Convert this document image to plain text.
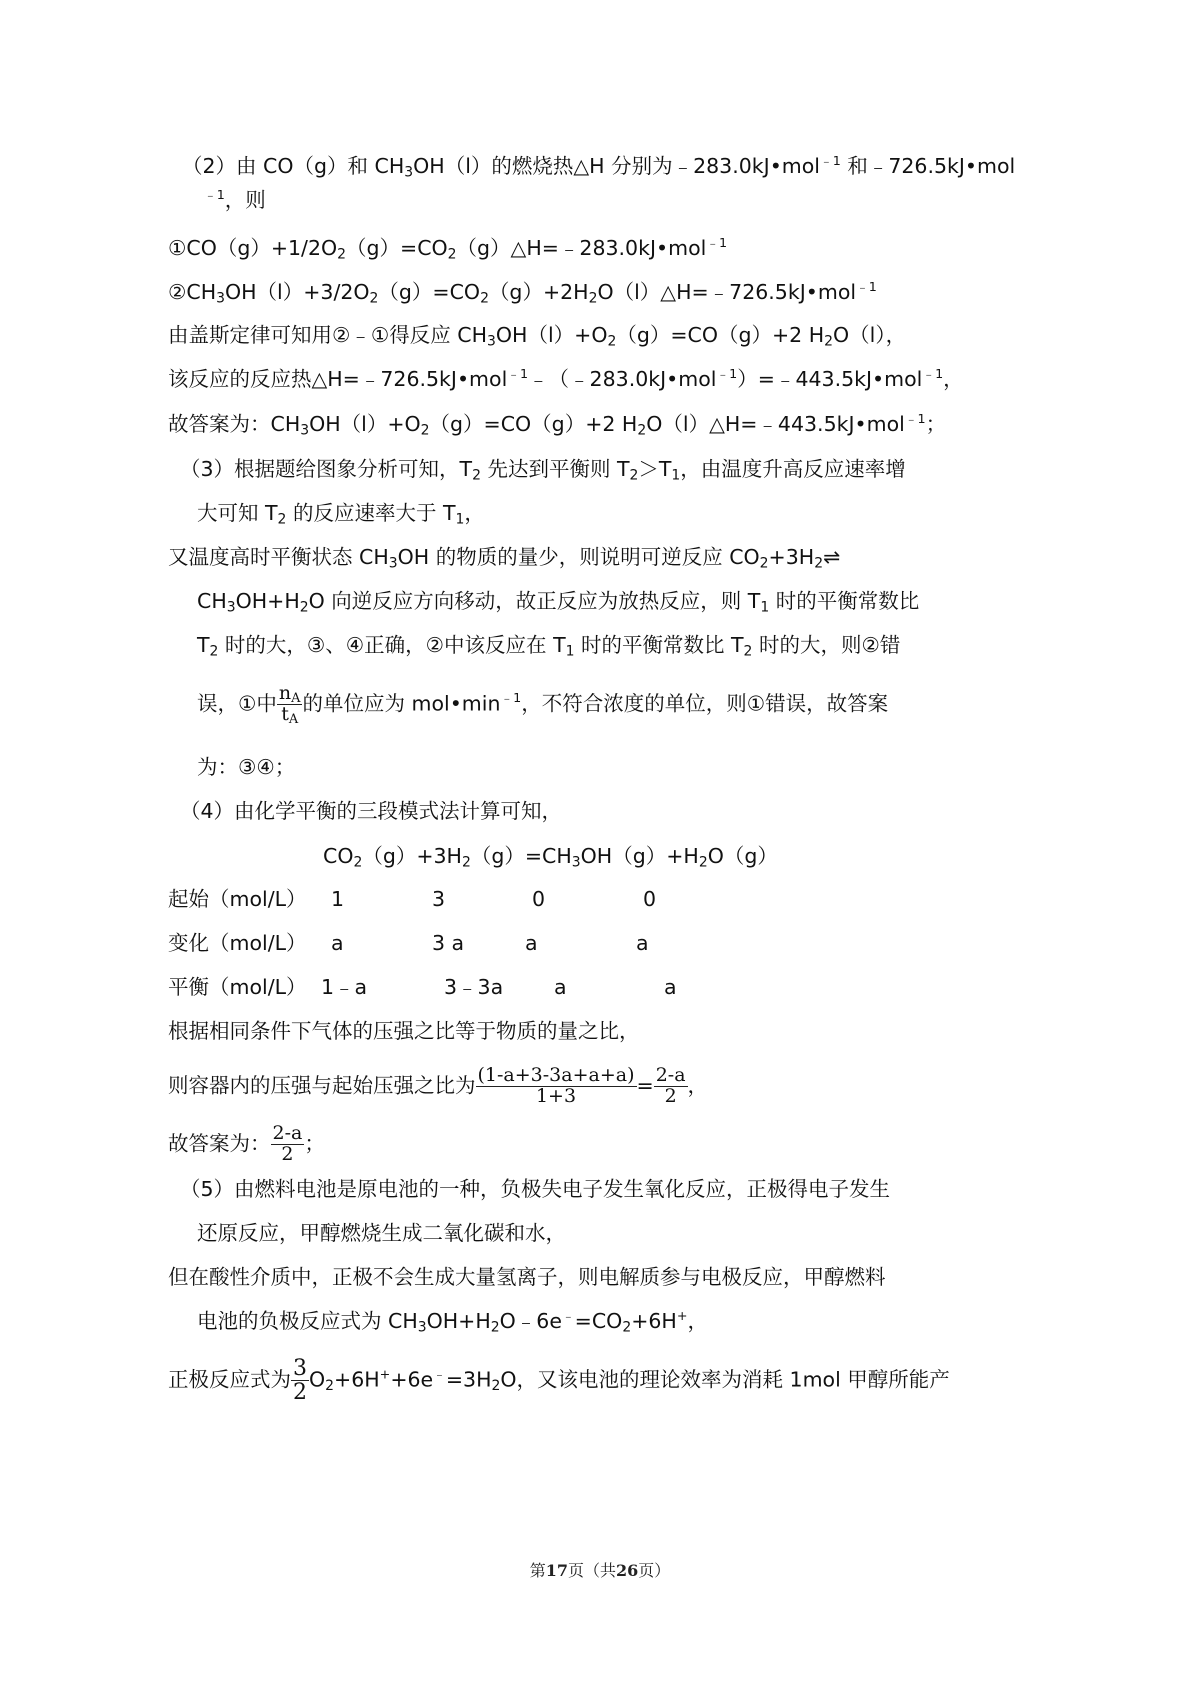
（2）由 CO（g）和 $CH_3OH(l)$的燃烧热△H 分别为﹣283.0kJ•mol$^{﹣1}$ 和﹣726.5kJ•mol
$^{﹣1}$，则
$①CO(g)+1/2O_2(g)=CO_2(g)\triangle H=﹣283.0kJ•mol^{﹣1}$
$②CH_3OH(l)+3/2O_2(g)=CO_2(g)+2H_2O(l)\triangle H=﹣726.5kJ•mol^{﹣1}$
由盖斯定律可知用②﹣①得反应 $CH_3OH(l)+O_2(g)=CO(g)+2$ $H_2O(l)$，
该反应的反应热△H=﹣726.5kJ•mol$^{﹣1}$﹣（﹣283.0kJ•mol$^{﹣1}$）=﹣443.5kJ•mol$^{﹣1}$，
故答案为：$CH_3OH(l)+O_2(g)=CO(g)+2$ $H_2O(l)\triangle H=﹣443.5kJ•mol^{﹣1}$；
（3）根据题给图象分析可知，$T_2$ 先达到平衡则 $T_2>T_1$，由温度升高反应速率增
大可知 $T_2$ 的反应速率大于 $T_1$，
又温度高时平衡状态 $CH_3OH$ 的物质的量少，则说明可逆反应 $CO_2+3H_2\rightleftharpoons$
$CH_3OH+H_2O$ 向逆反应方向移动，故正反应为放热反应，则 $T_1$ 时的平衡常数比
$T_2$ 时的大，③、④正确，②中该反应在 $T_1$ 时的平衡常数比 $T_2$ 时的大，则②错
误，①中 $\frac{n_A}{t_A}$ 的单位应为 $mol•\min^{﹣1}$，不符合浓度的单位，则①错误，故答案
为：③④；
（4）由化学平衡的三段模式法计算可知，
$CO_2(g)+3H_2(g)=CH_3OH(g)+H_2O(g)$
起始（mol/L） 1	3	0	0
变化（mol/L） a	3 a	a	a
平衡（mol/L） 1﹣a	3﹣3a a	a
根据相同条件下气体的压强之比等于物质的量之比，
则容器内的压强与起始压强之比为 $\frac{(1-a+3-3a+a+a)}{1+3} = \frac{2-a}{2}$ ，
故答案为： $\frac{2-a}{2}$ ；
（5）由燃料电池是原电池的一种，负极失电子发生氧化反应，正极得电子发生
还原反应，甲醇燃烧生成二氧化碳和水，
但在酸性介质中，正极不会生成大量氢离子，则电解质参与电极反应，甲醇燃料
电池的负极反应式为 $CH_3OH+H_2O﹣6e^﹣=CO_2+6H^+$，
正极反应式为 $\frac{3}{2} O_2+6H^++6e^﹣=3H_2O$，又该电池的理论效率为消耗 1mol 甲醇所能产
第17页（共26页）
